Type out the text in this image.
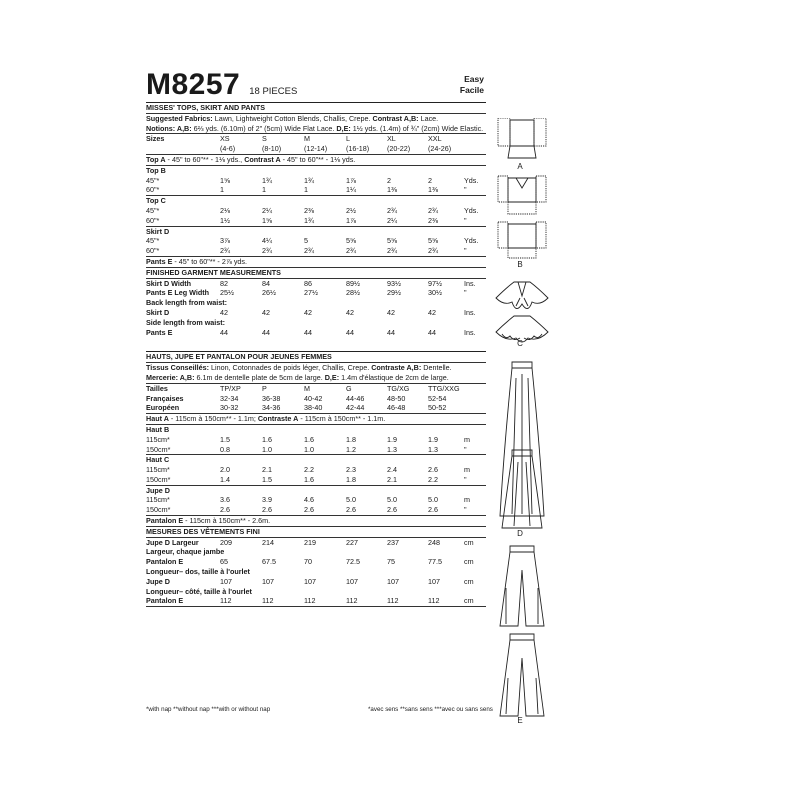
M8257 18 PIECES
MISSES' TOPS, SKIRT AND PANTS
Suggested Fabrics: Lawn, Lightweight Cotton Blends, Challis, Crepe. Contrast A,B: Lace.
Notions: A,B: 6⅔ yds. (6.10m) of 2" (5cm) Wide Flat Lace. D,E: 1½ yds. (1.4m) of ¾" (2cm) Wide Elastic.
Sizes	XS	S	M	L	XL	XXL
(4-6)	(8-10)	(12-14)	(16-18) (20-22) (24-26)
Top A - 45" to 60"** - 1⅛ yds., Contrast A - 45" to 60"** - 1⅛ yds.
Top B
45"*	1⅝	1¾	1¾	1⅞	2	2	Yds.
60"*	1	1	1	1¼	1⅜	1⅜	"
Top C
45"*	2⅛	2¼	2⅜	2½	2¾	2¾	Yds.
60"*	1½	1⅝	1¾	1⅞	2¼	2⅜	"
Skirt D
45"*	3⅞	4¼	5	5⅝	5⅝	5⅝	Yds.
60"*	2¾	2¾	2¾	2¾	2¾	2¾	"
Pants E - 45" to 60"** - 2⅞ yds.
FINISHED GARMENT MEASUREMENTS
Skirt D Width	82	84	86	89½	93½	97½	Ins.
Pants E Leg Width 25½	26½	27½	28½	29½	30½	"
Back length from waist:
Skirt D	42	42	42	42	42	42	Ins.
Side length from waist:
Pants E	44	44	44	44	44	44	Ins.
HAUTS, JUPE ET PANTALON POUR JEUNES FEMMES
Tissus Conseillés: Linon, Cotonnades de poids léger, Challis, Crepe. Contraste A,B: Dentelle.
Mercerie: A,B: 6.1m de dentelle plate de 5cm de large. D,E: 1.4m d'élastique de 2cm de large.
Tailles	TP/XP	P	M	G	TG/XG	TTG/XXG
Françaises	32-34	36-38	40-42	44-46	48-50	52-54
Européen	30-32	34-36	38-40	42-44	46-48	50-52
Haut A - 115cm à 150cm** - 1.1m; Contraste A - 115cm à 150cm** - 1.1m.
Haut B
115cm*	1.5	1.6	1.6	1.8	1.9	1.9	m
150cm*	0.8	1.0	1.0	1.2	1.3	1.3	"
Haut C
115cm*	2.0	2.1	2.2	2.3	2.4	2.6	m
150cm*	1.4	1.5	1.6	1.8	2.1	2.2	"
Jupe D
115cm*	3.6	3.9	4.6	5.0	5.0	5.0	m
150cm*	2.6	2.6	2.6	2.6	2.6	2.6	"
Pantalon E - 115cm à 150cm** - 2.6m.
MESURES DES VÊTEMENTS FINI
Jupe D Largeur	209	214	219	227	237	248	cm
Largeur, chaque jambe
Pantalon E	65	67.5	70	72.5	75	77.5	cm
Longueur– dos, taille à l'ourlet
Jupe D	107	107	107	107	107	107	cm
Longueur– côté, taille à l'ourlet
Pantalon E	112	112	112	112	112	112	cm
Easy
Facile
*with nap **without nap ***with or without nap	*avec sens **sans sens ***avec ou sans sens
A
B
C
D
E
